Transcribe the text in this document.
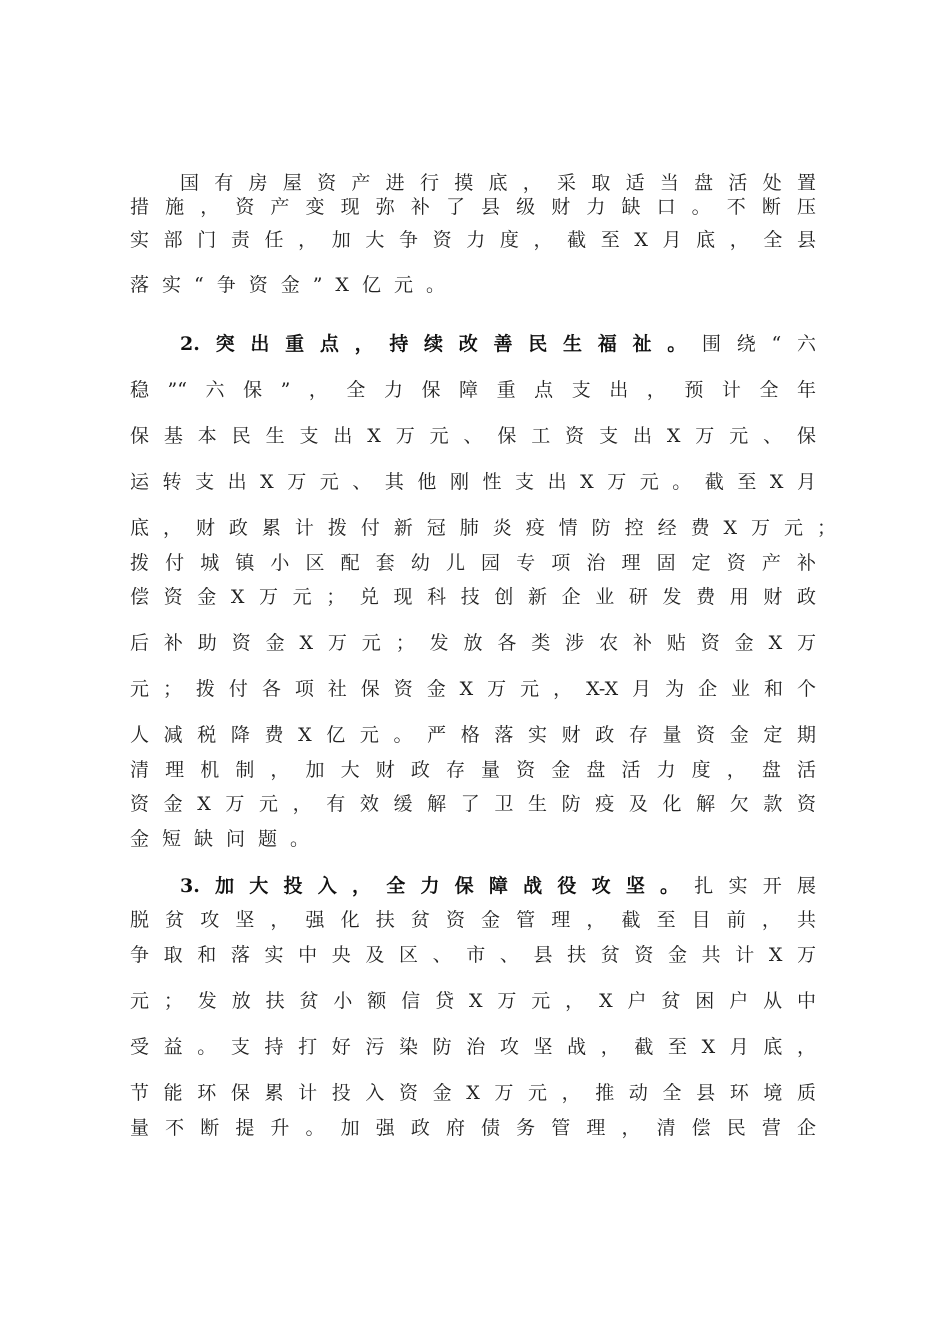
国有房屋资产进行摸底，采取适当盘活处置
措施，资产变现弥补了县级财力缺口。不断压
实部门责任，加大争资力度，截至X月底，全县
落实“争资金”X亿元。
2.突出重点，持续改善民生福祉。围绕“六
稳”“六保”，全力保障重点支出，预计全年
保基本民生支出X万元、保工资支出X万元、保
运转支出X万元、其他刚性支出X万元。截至X月
底，财政累计拨付新冠肺炎疫情防控经费X万元；
拨付城镇小区配套幼儿园专项治理固定资产补
偿资金X万元；兑现科技创新企业研发费用财政
后补助资金X万元；发放各类涉农补贴资金X万
元；拨付各项社保资金X万元，X-X月为企业和个
人减税降费X亿元。严格落实财政存量资金定期
清理机制，加大财政存量资金盘活力度，盘活
资金X万元，有效缓解了卫生防疫及化解欠款资
金短缺问题。
3.加大投入，全力保障战役攻坚。扎实开展
脱贫攻坚，强化扶贫资金管理，截至目前，共
争取和落实中央及区、市、县扶贫资金共计X万
元；发放扶贫小额信贷X万元，X户贫困户从中
受益。支持打好污染防治攻坚战，截至X月底，
节能环保累计投入资金X万元，推动全县环境质
量不断提升。加强政府债务管理，清偿民营企
